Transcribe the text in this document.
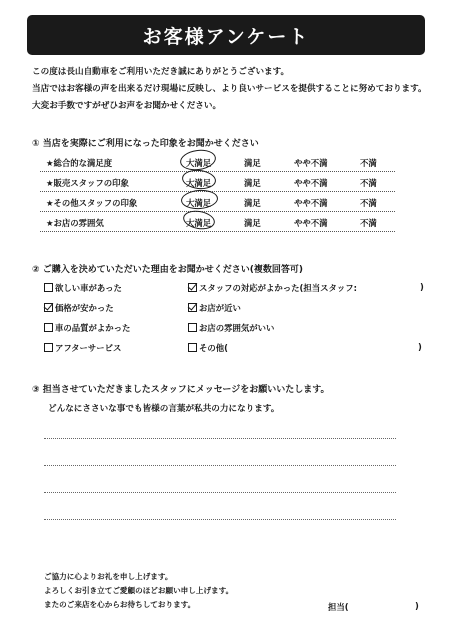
お客様アンケート
この度は長山自動車をご利用いただき誠にありがとうございます。
当店ではお客様の声を出来るだけ現場に反映し、より良いサービスを提供することに努めております。
大変お手数ですがぜひお声をお聞かせください。
① 当店を実際にご利用になった印象をお聞かせください
★総合的な満足度	大満足	満足	やや不満	不満
★販売スタッフの印象	大満足	満足	やや不満	不満
★その他スタッフの印象	大満足	満足	やや不満	不満
★お店の雰囲気	大満足	満足	やや不満	不満
② ご購入を決めていただいた理由をお聞かせください(複数回答可)
欲しい車があった	スタッフの対応がよかった(担当スタッフ:	)
価格が安かった	お店が近い
車の品質がよかった	お店の雰囲気がいい
アフターサービス	その他(	)
③ 担当させていただきましたスタッフにメッセージをお願いいたします。
どんなにささいな事でも皆様の言葉が私共の力になります。
ご協力に心よりお礼を申し上げます。
よろしくお引き立てご愛顧のほどお願い申し上げます。
またのご来店を心からお待ちしております。	担当(	)
